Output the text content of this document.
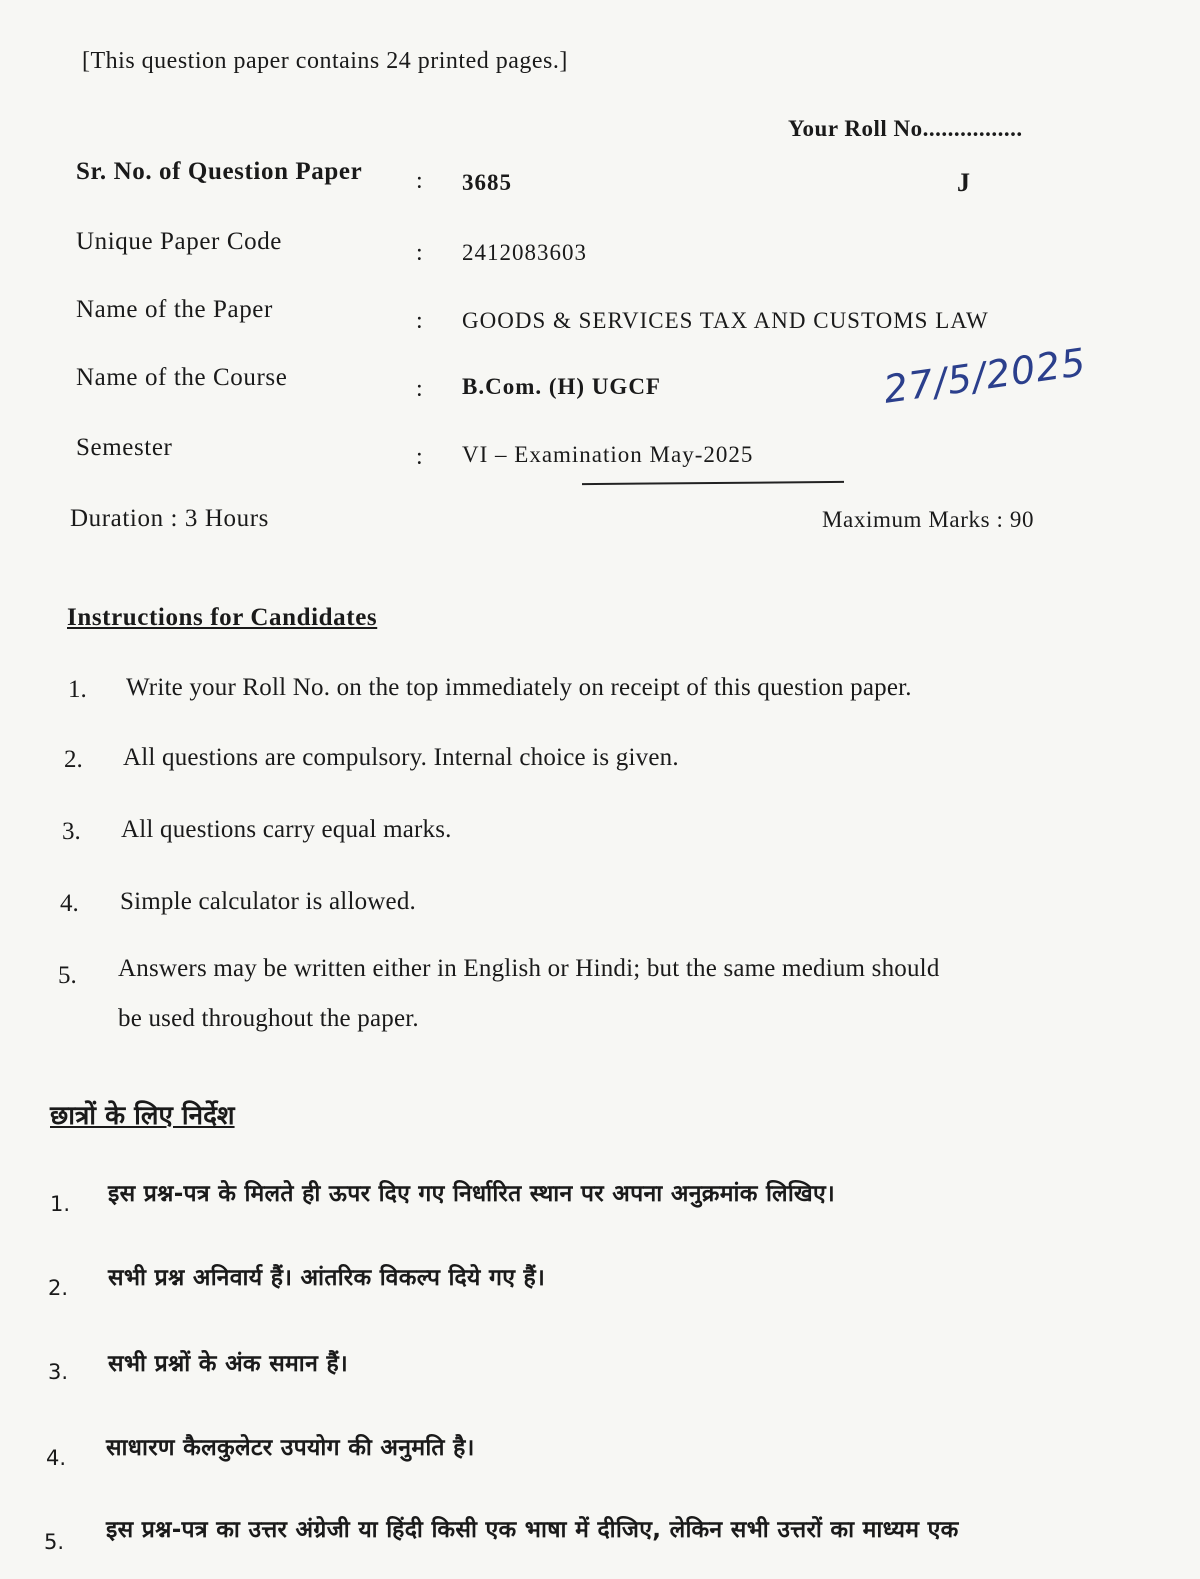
[This question paper contains 24 printed pages.]
Your Roll No................
Sr. No. of Question Paper : 3685	J
Unique Paper Code	: 2412083603
Name of the Paper	: GOODS & SERVICES TAX AND CUSTOMS LAW
Name of the Course	: B.Com. (H) UGCF	27/5/2025
Semester	: VI – Examination May-2025
Duration : 3 Hours	Maximum Marks : 90
Instructions for Candidates
1. Write your Roll No. on the top immediately on receipt of this question paper.
2. All questions are compulsory. Internal choice is given.
3. All questions carry equal marks.
4. Simple calculator is allowed.
5. Answers may be written either in English or Hindi; but the same medium should
be used throughout the paper.
छात्रों के लिए निर्देश
1. इस प्रश्न-पत्र के मिलते ही ऊपर दिए गए निर्धारित स्थान पर अपना अनुक्रमांक लिखिए।
2. सभी प्रश्न अनिवार्य हैं। आंतरिक विकल्प दिये गए हैं।
3. सभी प्रश्नों के अंक समान हैं।
4. साधारण कैलकुलेटर उपयोग की अनुमति है।
5. इस प्रश्न-पत्र का उत्तर अंग्रेजी या हिंदी किसी एक भाषा में दीजिए, लेकिन सभी उत्तरों का माध्यम एक
